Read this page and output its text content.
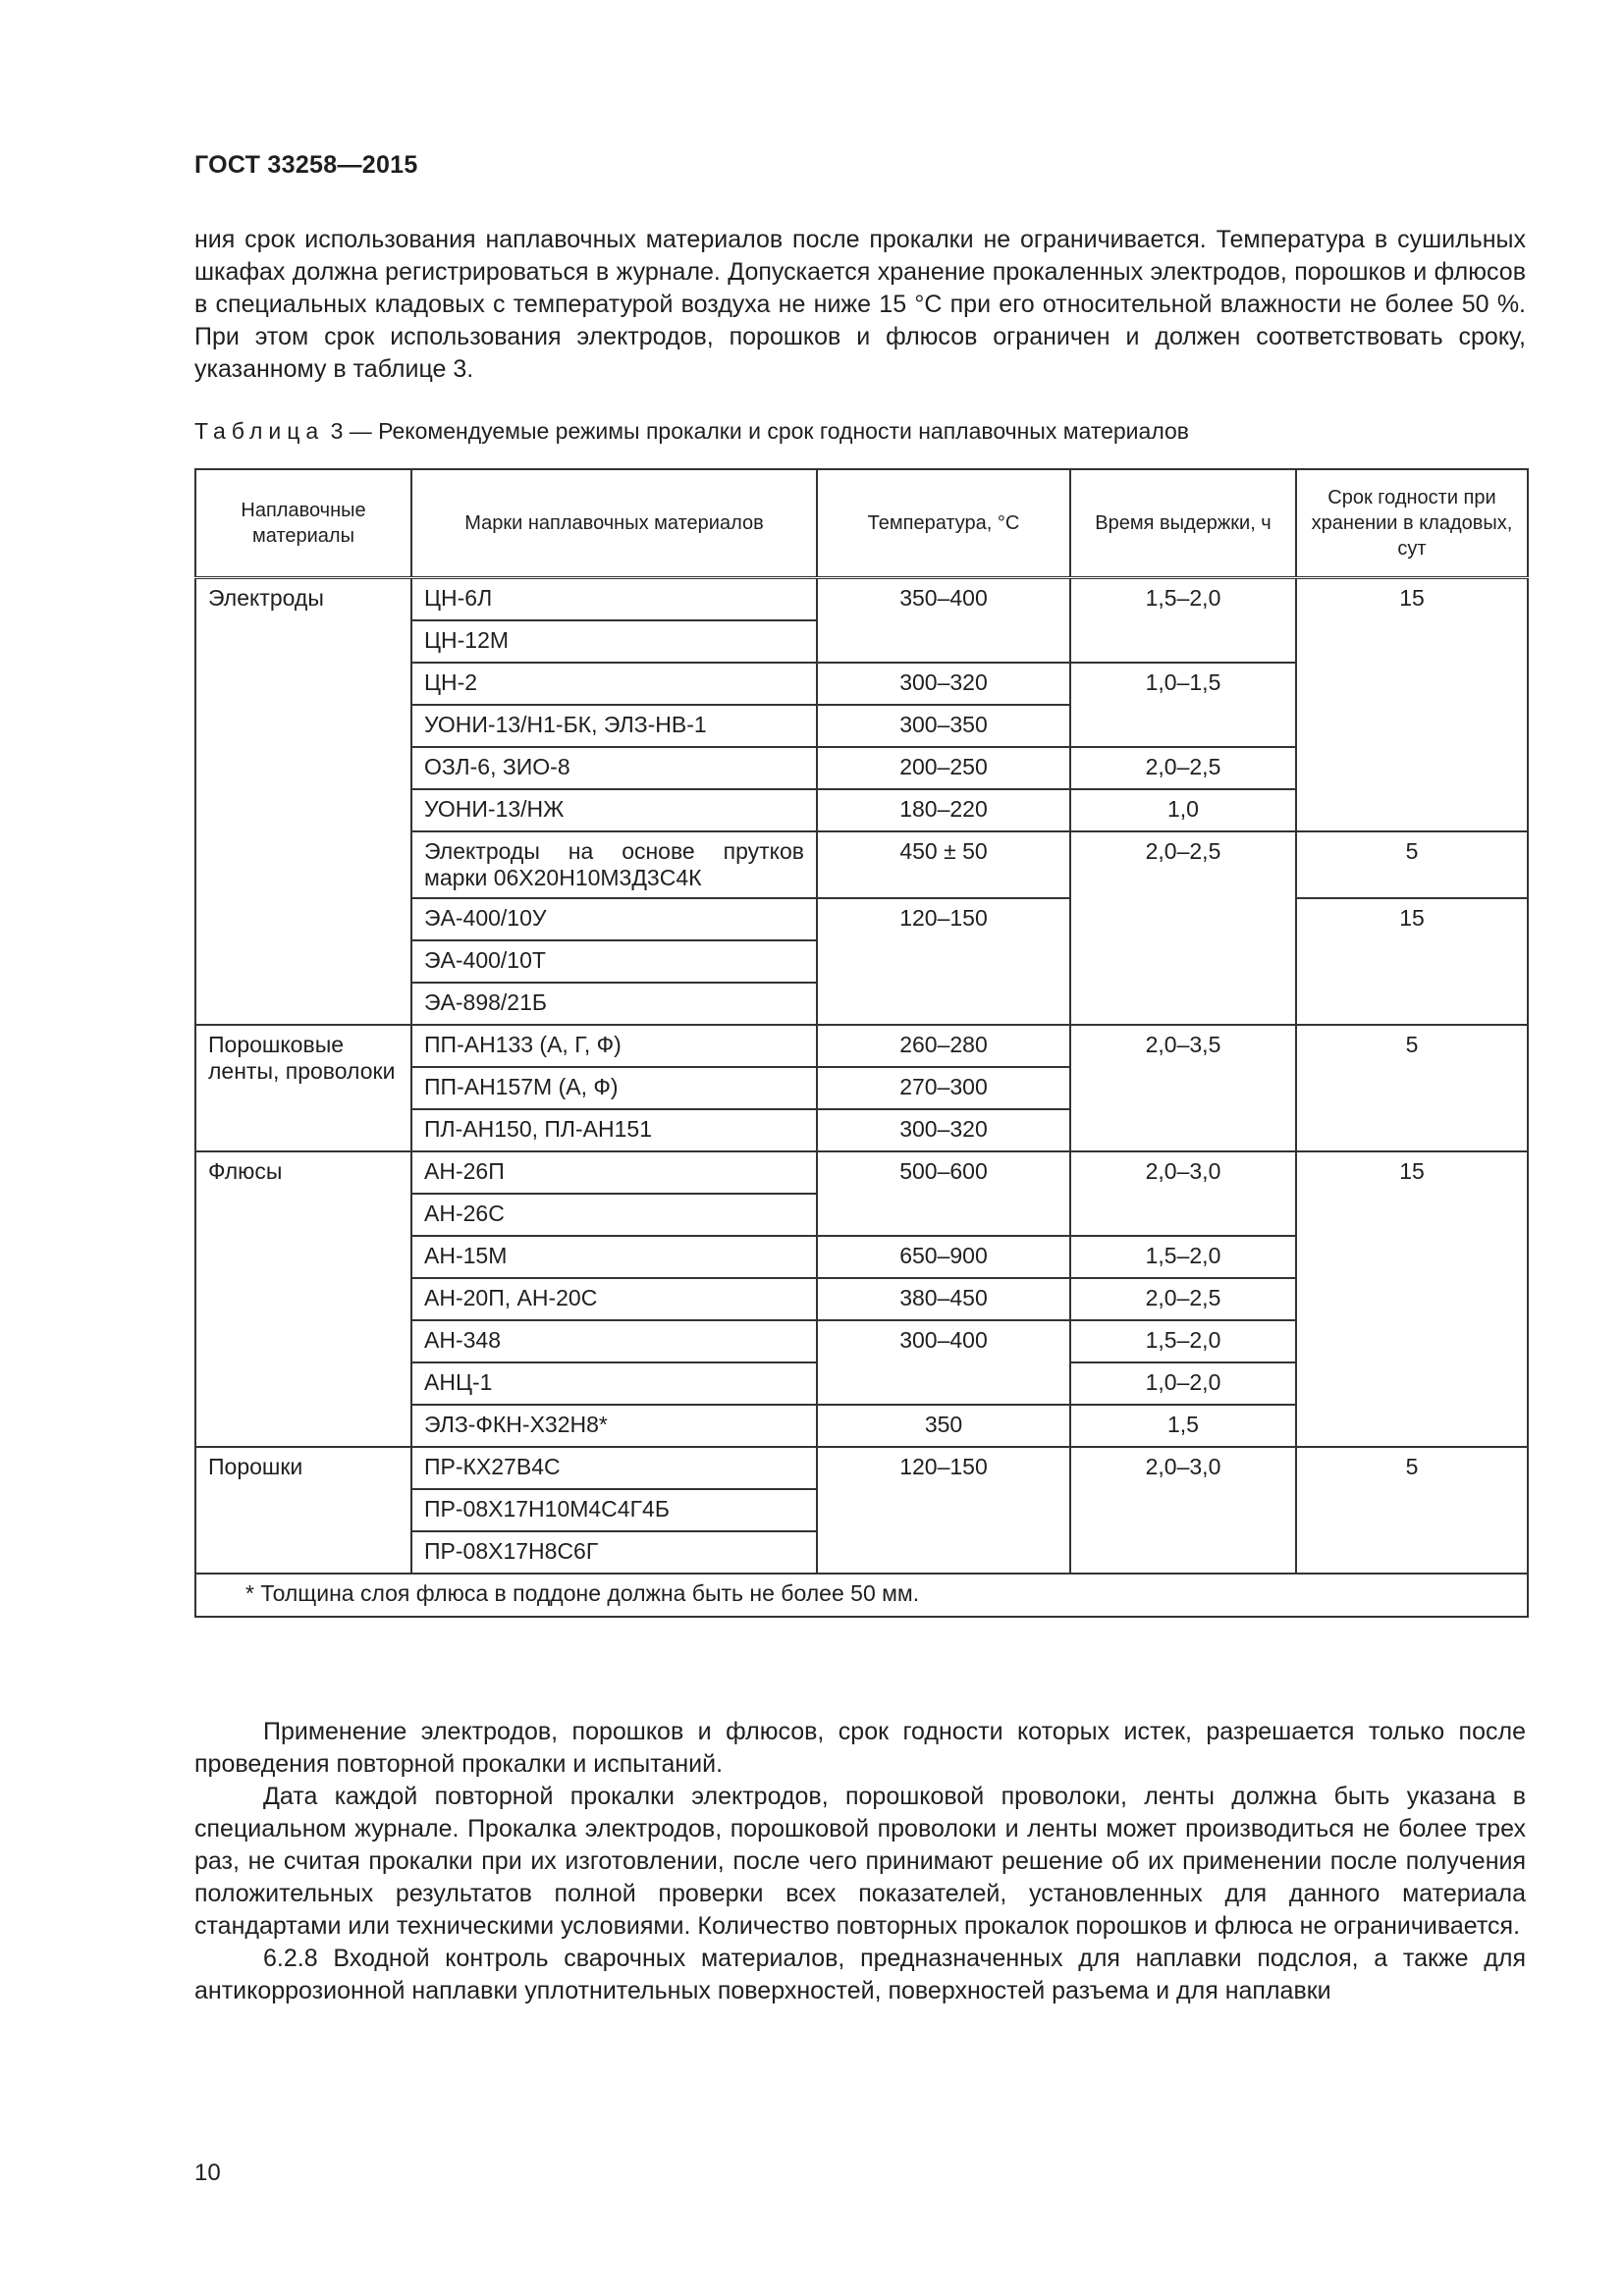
ГОСТ 33258—2015

ния срок использования наплавочных материалов после прокалки не ограничивается. Температура в сушильных шкафах должна регистрироваться в журнале. Допускается хранение прокаленных электродов, порошков и флюсов в специальных кладовых с температурой воздуха не ниже 15 °С при его относительной влажности не более 50 %. При этом срок использования электродов, порошков и флюсов ограничен и должен соответствовать сроку, указанному в таблице 3.

Таблица 3 — Рекомендуемые режимы прокалки и срок годности наплавочных материалов
Наплавочные материалы	Марки наплавочных материалов	Температура, °С	Время выдержки, ч	Срок годности при хранении в кладовых, сут
Электроды	ЦН-6Л	350–400	1,5–2,0	15
	ЦН-12М			
	ЦН-2	300–320	1,0–1,5	
	УОНИ-13/Н1-БК, ЭЛЗ-НВ-1	300–350		
	ОЗЛ-6, ЗИО-8	200–250	2,0–2,5	
	УОНИ-13/НЖ	180–220	1,0	
	Электроды на основе прутков марки 06Х20Н10М3Д3С4К	450 ± 50	2,0–2,5	5
	ЭА-400/10У	120–150		15
	ЭА-400/10Т			
	ЭА-898/21Б			
Порошковые ленты, проволоки	ПП-АН133 (А, Г, Ф)	260–280	2,0–3,5	5
	ПП-АН157М (А, Ф)	270–300		
	ПЛ-АН150, ПЛ-АН151	300–320		
Флюсы	АН-26П	500–600	2,0–3,0	15
	АН-26С			
	АН-15М	650–900	1,5–2,0	
	АН-20П, АН-20С	380–450	2,0–2,5	
	АН-348	300–400	1,5–2,0	
	АНЦ-1		1,0–2,0	
	ЭЛЗ-ФКН-Х32Н8*	350	1,5	
Порошки	ПР-КХ27В4С	120–150	2,0–3,0	5
	ПР-08Х17Н10М4С4Г4Б			
	ПР-08Х17Н8С6Г			
* Толщина слоя флюса в поддоне должна быть не более 50 мм.				

Применение электродов, порошков и флюсов, срок годности которых истек, разрешается только после проведения повторной прокалки и испытаний.

Дата каждой повторной прокалки электродов, порошковой проволоки, ленты должна быть указана в специальном журнале. Прокалка электродов, порошковой проволоки и ленты может производиться не более трех раз, не считая прокалки при их изготовлении, после чего принимают решение об их применении после получения положительных результатов полной проверки всех показателей, установленных для данного материала стандартами или техническими условиями. Количество повторных прокалок порошков и флюса не ограничивается.

6.2.8 Входной контроль сварочных материалов, предназначенных для наплавки подслоя, а также для антикоррозионной наплавки уплотнительных поверхностей, поверхностей разъема и для наплавки

10
